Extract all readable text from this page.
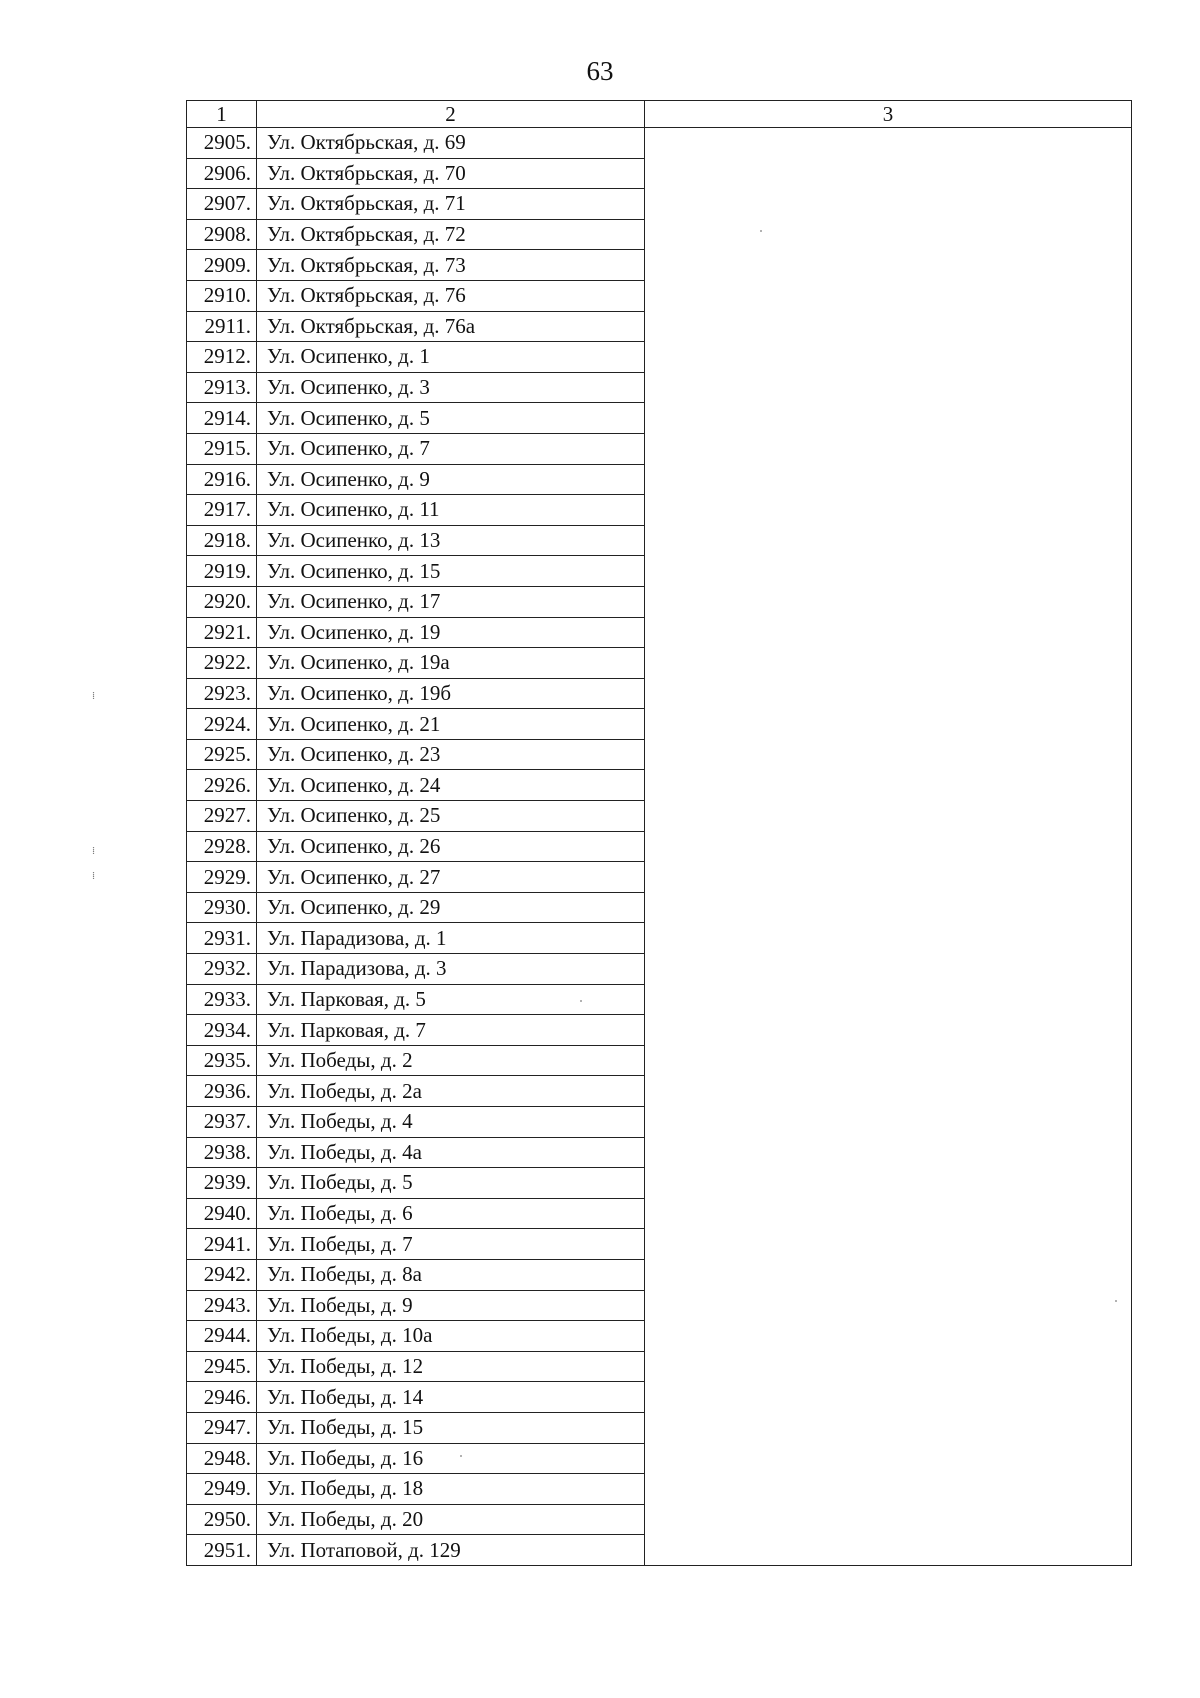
63
1	2	3
2905.	Ул. Октябрьская, д. 69	
2906.	Ул. Октябрьская, д. 70	
2907.	Ул. Октябрьская, д. 71	
2908.	Ул. Октябрьская, д. 72	
2909.	Ул. Октябрьская, д. 73	
2910.	Ул. Октябрьская, д. 76	
2911.	Ул. Октябрьская, д. 76а	
2912.	Ул. Осипенко, д. 1	
2913.	Ул. Осипенко, д. 3	
2914.	Ул. Осипенко, д. 5	
2915.	Ул. Осипенко, д. 7	
2916.	Ул. Осипенко, д. 9	
2917.	Ул. Осипенко, д. 11	
2918.	Ул. Осипенко, д. 13	
2919.	Ул. Осипенко, д. 15	
2920.	Ул. Осипенко, д. 17	
2921.	Ул. Осипенко, д. 19	
2922.	Ул. Осипенко, д. 19а	
2923.	Ул. Осипенко, д. 19б	
2924.	Ул. Осипенко, д. 21	
2925.	Ул. Осипенко, д. 23	
2926.	Ул. Осипенко, д. 24	
2927.	Ул. Осипенко, д. 25	
2928.	Ул. Осипенко, д. 26	
2929.	Ул. Осипенко, д. 27	
2930.	Ул. Осипенко, д. 29	
2931.	Ул. Парадизова, д. 1	
2932.	Ул. Парадизова, д. 3	
2933.	Ул. Парковая, д. 5	
2934.	Ул. Парковая, д. 7	
2935.	Ул. Победы, д. 2	
2936.	Ул. Победы, д. 2а	
2937.	Ул. Победы, д. 4	
2938.	Ул. Победы, д. 4а	
2939.	Ул. Победы, д. 5	
2940.	Ул. Победы, д. 6	
2941.	Ул. Победы, д. 7	
2942.	Ул. Победы, д. 8а	
2943.	Ул. Победы, д. 9	
2944.	Ул. Победы, д. 10а	
2945.	Ул. Победы, д. 12	
2946.	Ул. Победы, д. 14	
2947.	Ул. Победы, д. 15	
2948.	Ул. Победы, д. 16	
2949.	Ул. Победы, д. 18	
2950.	Ул. Победы, д. 20	
2951.	Ул. Потаповой, д. 129	
⁞
⁞
⁞
